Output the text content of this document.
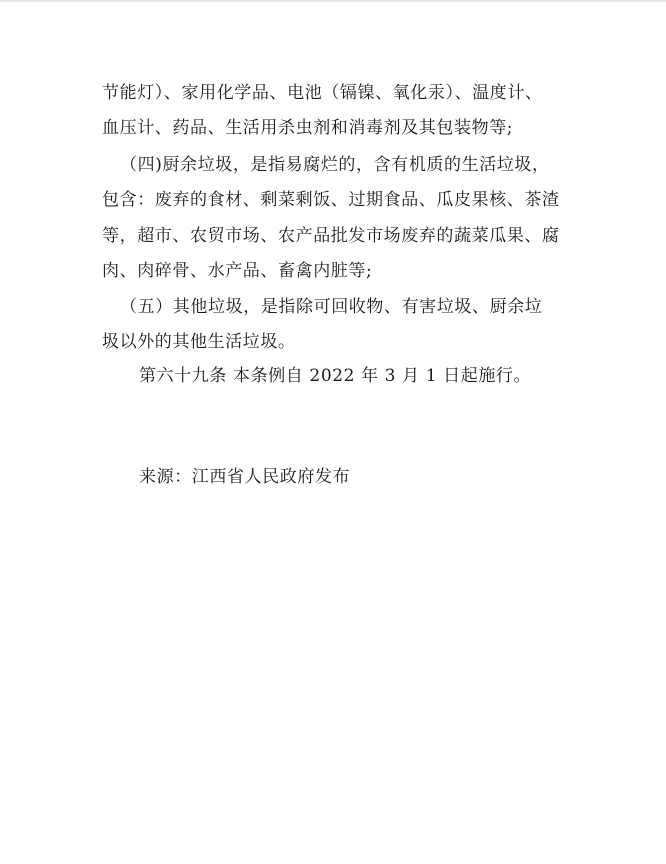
节能灯）、家用化学品、电池（镉镍、氧化汞）、温度计、
血压计、药品、生活用杀虫剂和消毒剂及其包装物等;
（四)厨余垃圾，是指易腐烂的，含有机质的生活垃圾，
包含：废弃的食材、剩菜剩饭、过期食品、瓜皮果核、茶渣
等，超市、农贸市场、农产品批发市场废弃的蔬菜瓜果、腐
肉、肉碎骨、水产品、畜禽内脏等;
（五）其他垃圾，是指除可回收物、有害垃圾、厨余垃
圾以外的其他生活垃圾。
第六十九条 本条例自 2022 年 3 月 1 日起施行。
来源：江西省人民政府发布
